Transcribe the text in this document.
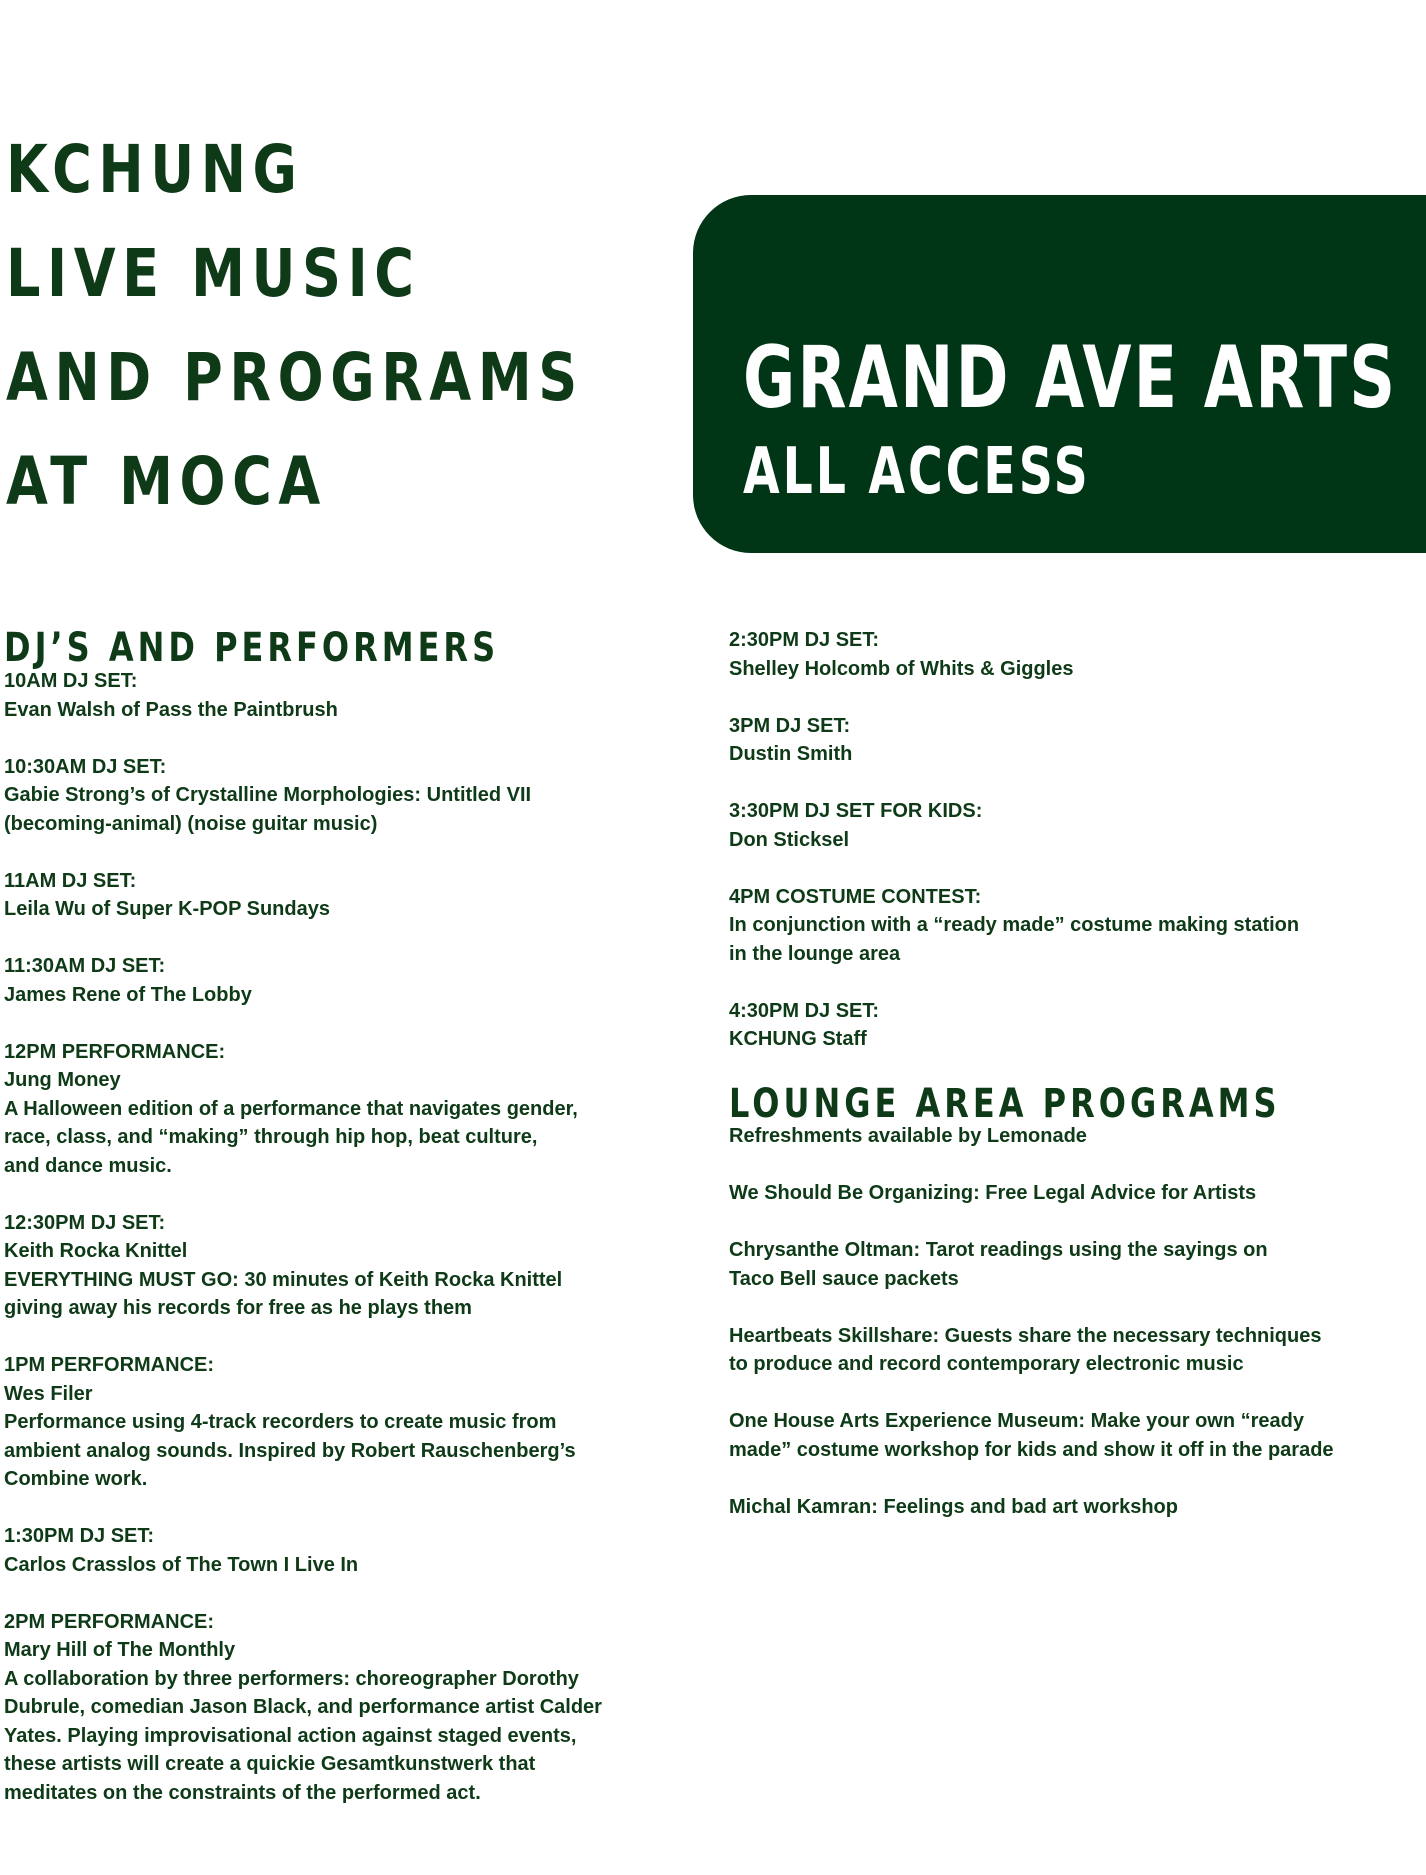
KCHUNG
LIVE MUSIC
AND PROGRAMS
AT MOCA
GRAND AVE ARTS
ALL ACCESS
DJ’S AND PERFORMERS
10AM DJ SET:
Evan Walsh of Pass the Paintbrush
10:30AM DJ SET:
Gabie Strong’s of Crystalline Morphologies: Untitled VII
(becoming-animal) (noise guitar music)
11AM DJ SET:
Leila Wu of Super K-POP Sundays
11:30AM DJ SET:
James Rene of The Lobby
12PM PERFORMANCE:
Jung Money
A Halloween edition of a performance that navigates gender,
race, class, and “making” through hip hop, beat culture,
and dance music.
12:30PM DJ SET:
Keith Rocka Knittel
EVERYTHING MUST GO: 30 minutes of Keith Rocka Knittel
giving away his records for free as he plays them
1PM PERFORMANCE:
Wes Filer
Performance using 4-track recorders to create music from
ambient analog sounds. Inspired by Robert Rauschenberg’s
Combine work.
1:30PM DJ SET:
Carlos Crasslos of The Town I Live In
2PM PERFORMANCE:
Mary Hill of The Monthly
A collaboration by three performers: choreographer Dorothy
Dubrule, comedian Jason Black, and performance artist Calder
Yates. Playing improvisational action against staged events,
these artists will create a quickie Gesamtkunstwerk that
meditates on the constraints of the performed act.
2:30PM DJ SET:
Shelley Holcomb of Whits & Giggles
3PM DJ SET:
Dustin Smith
3:30PM DJ SET FOR KIDS:
Don Sticksel
4PM COSTUME CONTEST:
In conjunction with a “ready made” costume making station
in the lounge area
4:30PM DJ SET:
KCHUNG Staff
LOUNGE AREA PROGRAMS
Refreshments available by Lemonade
We Should Be Organizing: Free Legal Advice for Artists
Chrysanthe Oltman: Tarot readings using the sayings on
Taco Bell sauce packets
Heartbeats Skillshare: Guests share the necessary techniques
to produce and record contemporary electronic music
One House Arts Experience Museum: Make your own “ready
made” costume workshop for kids and show it off in the parade
Michal Kamran: Feelings and bad art workshop
